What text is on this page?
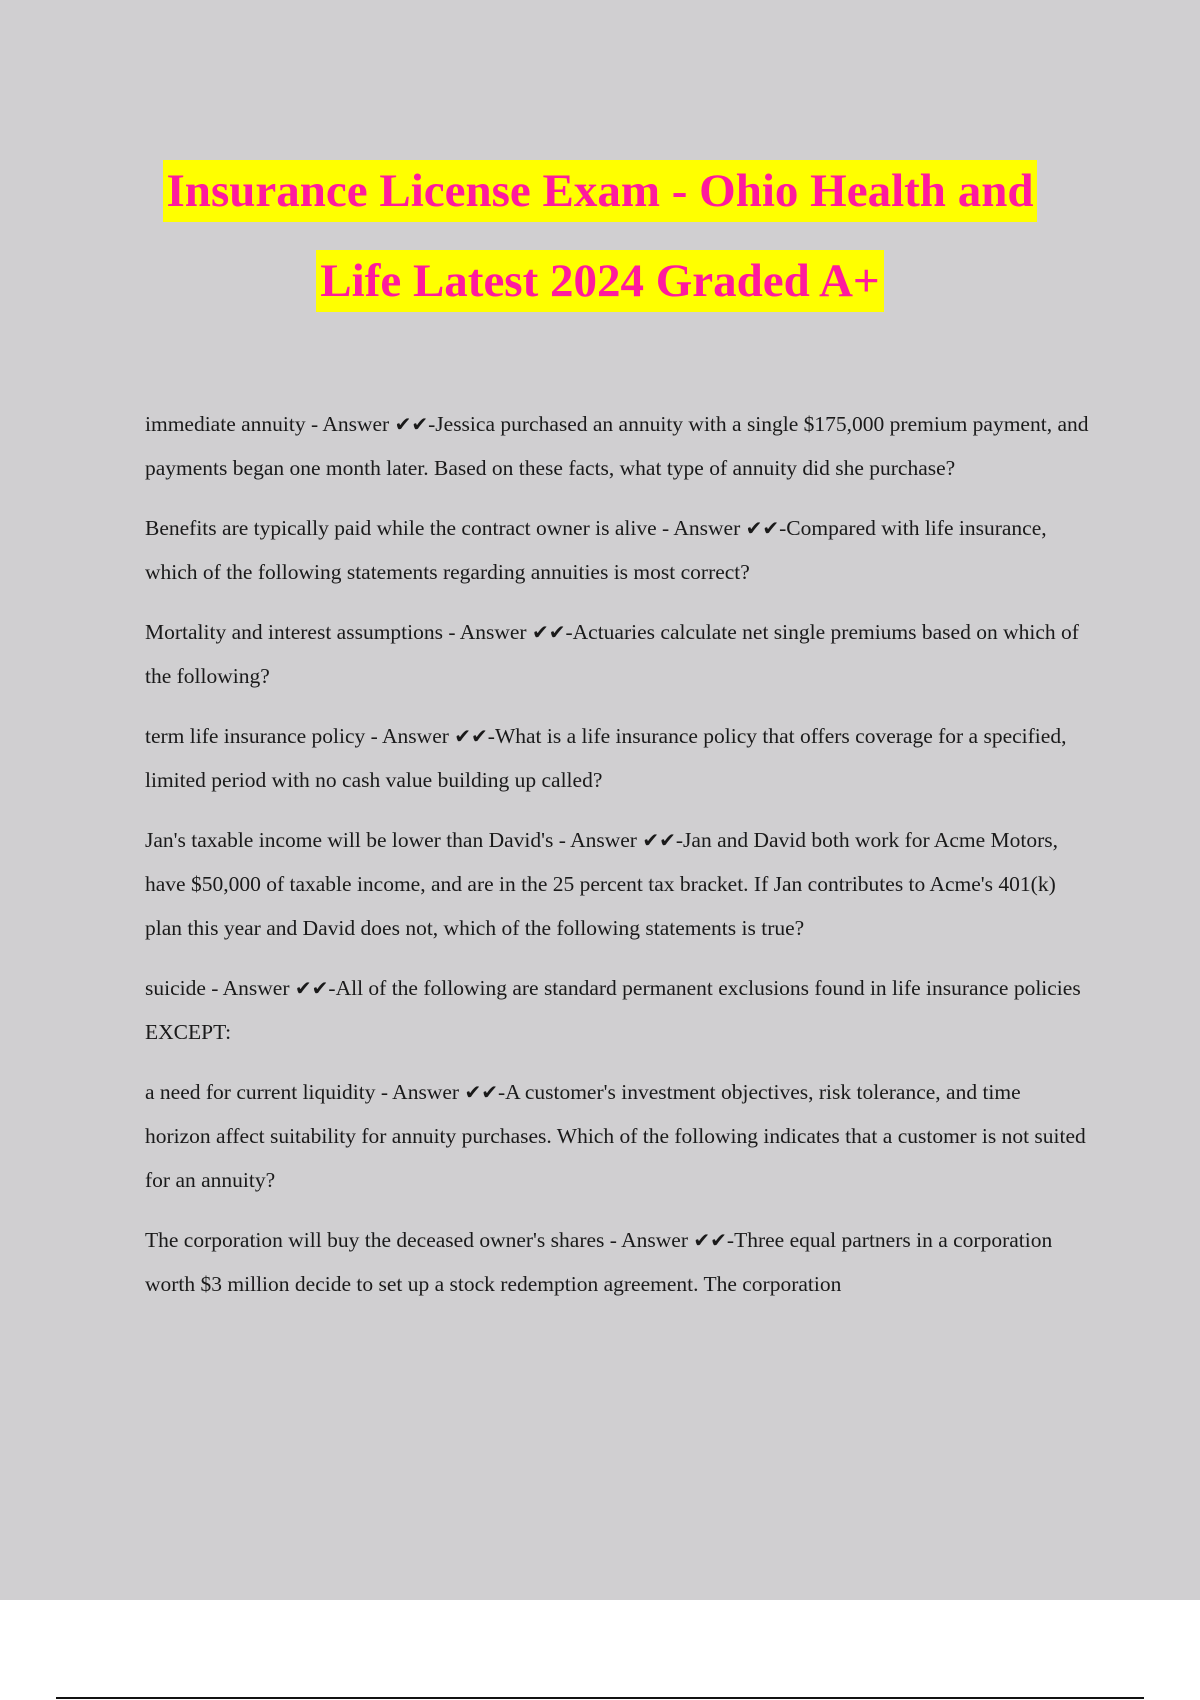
Insurance License Exam - Ohio Health and
Life Latest 2024 Graded A+

immediate annuity - Answer ✔✔-Jessica purchased an annuity with a single $175,000 premium payment, and payments began one month later. Based on these facts, what type of annuity did she purchase?

Benefits are typically paid while the contract owner is alive - Answer ✔✔-Compared with life insurance, which of the following statements regarding annuities is most correct?

Mortality and interest assumptions - Answer ✔✔-Actuaries calculate net single premiums based on which of the following?

term life insurance policy - Answer ✔✔-What is a life insurance policy that offers coverage for a specified, limited period with no cash value building up called?

Jan's taxable income will be lower than David's - Answer ✔✔-Jan and David both work for Acme Motors, have $50,000 of taxable income, and are in the 25 percent tax bracket. If Jan contributes to Acme's 401(k) plan this year and David does not, which of the following statements is true?

suicide - Answer ✔✔-All of the following are standard permanent exclusions found in life insurance policies EXCEPT:

a need for current liquidity - Answer ✔✔-A customer's investment objectives, risk tolerance, and time horizon affect suitability for annuity purchases. Which of the following indicates that a customer is not suited for an annuity?

The corporation will buy the deceased owner's shares - Answer ✔✔-Three equal partners in a corporation worth $3 million decide to set up a stock redemption agreement. The corporation
